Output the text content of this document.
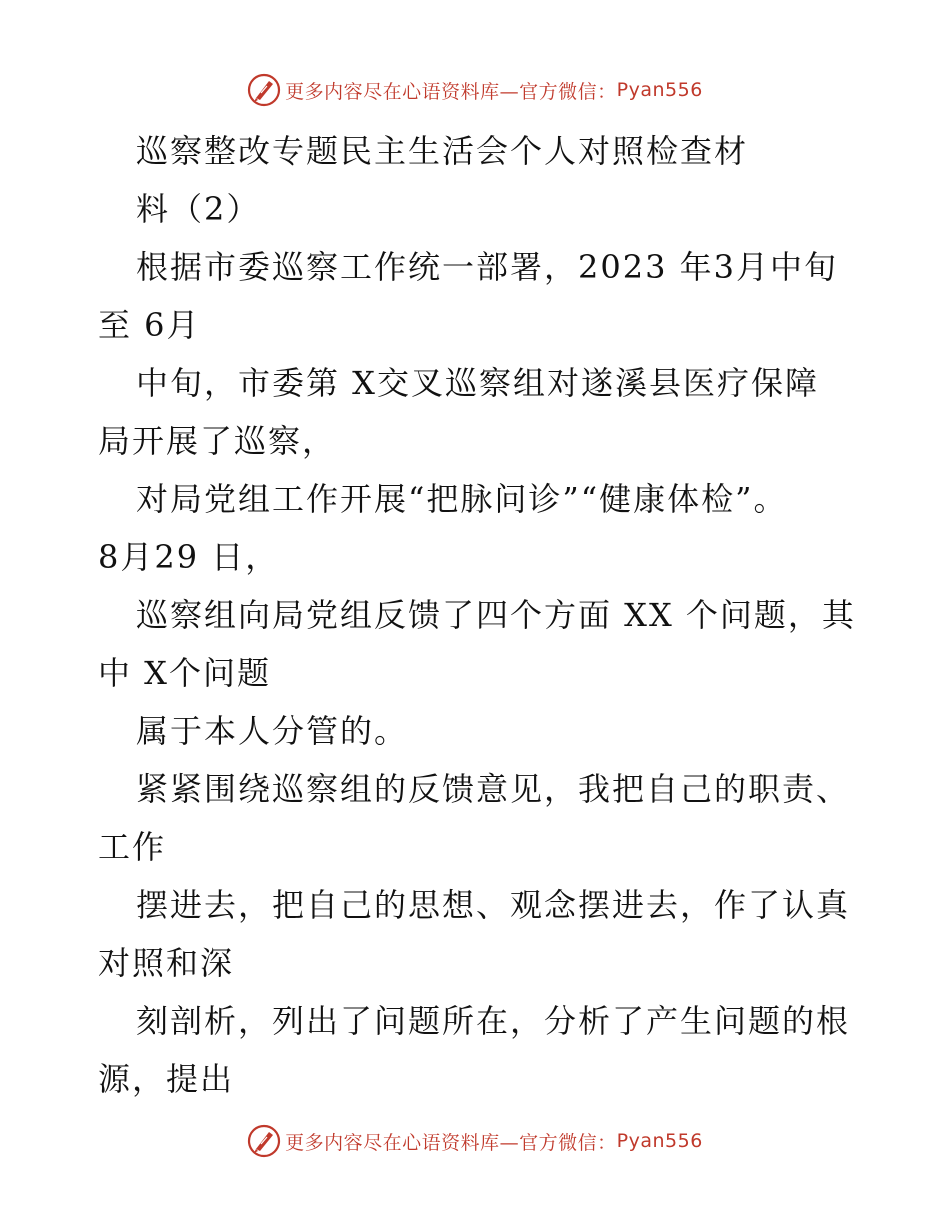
更多内容尽在心语资料库—官方微信： Pyan556
巡察整改专题民主生活会个人对照检查材
料（2）
根据市委巡察工作统一部署，2023 年3月中旬
至 6月
中旬，市委第 X交叉巡察组对遂溪县医疗保障
局开展了巡察，
对局党组工作开展“把脉问诊”“健康体检”。
8月29 日，
巡察组向局党组反馈了四个方面 XX 个问题，其
中 X个问题
属于本人分管的。
紧紧围绕巡察组的反馈意见，我把自己的职责、
工作
摆进去，把自己的思想、观念摆进去，作了认真
对照和深
刻剖析，列出了问题所在，分析了产生问题的根
源，提出
更多内容尽在心语资料库—官方微信： Pyan556
